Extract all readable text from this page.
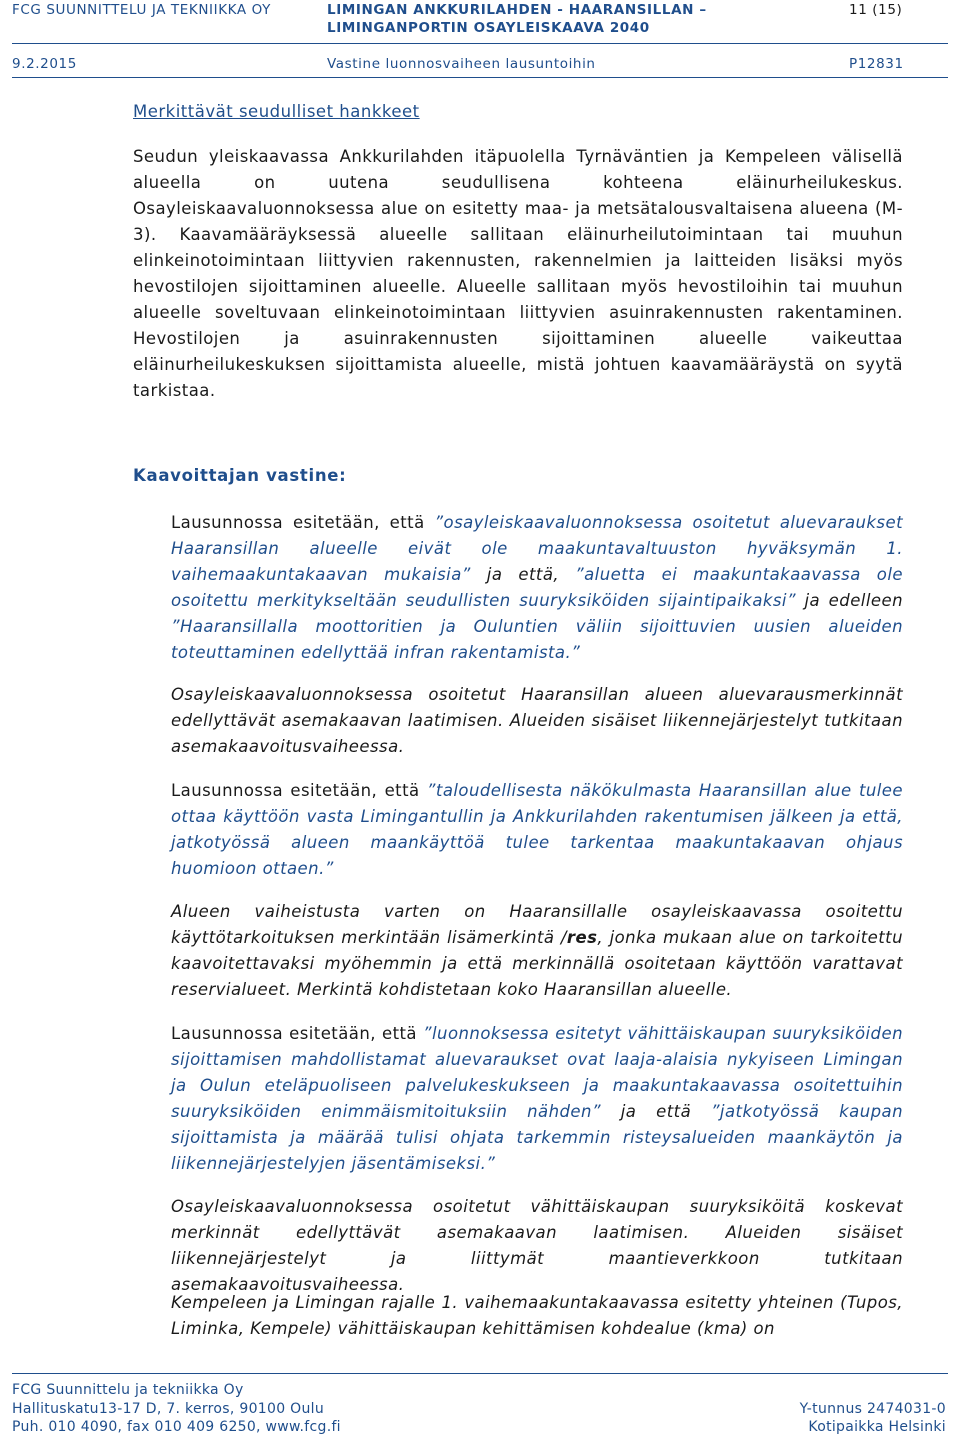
FCG SUUNNITTELU JA TEKNIIKKA OY	LIMINGAN ANKKURILAHDEN - HAARANSILLAN –
LIMINGANPORTIN OSAYLEISKAAVA 2040
11 (15)
9.2.2015	Vastine luonnosvaiheen lausuntoihin	P12831
Merkittävät seudulliset hankkeet

Seudun yleiskaavassa Ankkurilahden itäpuolella Tyrnäväntien ja Kempeleen välisellä alueella on uutena seudullisena kohteena eläinurheilukeskus. Osayleiskaavaluonnoksessa alue on esitetty maa- ja metsätalousvaltaisena alueena (M-3). Kaavamääräyksessä alueelle sallitaan eläinurheilutoimintaan tai muuhun elinkeinotoimintaan liittyvien rakennusten, rakennelmien ja laitteiden lisäksi myös hevostilojen sijoittaminen alueelle. Alueelle sallitaan myös hevostiloihin tai muuhun alueelle soveltuvaan elinkeinotoimintaan liittyvien asuinrakennusten rakentaminen. Hevostilojen ja asuinrakennusten sijoittaminen alueelle vaikeuttaa eläinurheilukeskuksen sijoittamista alueelle, mistä johtuen kaavamääräystä on syytä tarkistaa.

Kaavoittajan vastine:

Lausunnossa esitetään, että ”osayleiskaavaluonnoksessa osoitetut aluevaraukset Haaransillan alueelle eivät ole maakuntavaltuuston hyväksymän 1. vaihemaakuntakaavan mukaisia” ja että, ”aluetta ei maakuntakaavassa ole osoitettu merkitykseltään seudullisten suuryksiköiden sijaintipaikaksi” ja edelleen ”Haaransillalla moottoritien ja Ouluntien väliin sijoittuvien uusien alueiden toteuttaminen edellyttää infran rakentamista.”

Osayleiskaavaluonnoksessa osoitetut Haaransillan alueen aluevarausmerkinnät edellyttävät asemakaavan laatimisen. Alueiden sisäiset liikennejärjestelyt tutkitaan asemakaavoitusvaiheessa.

Lausunnossa esitetään, että ”taloudellisesta näkökulmasta Haaransillan alue tulee ottaa käyttöön vasta Limingantullin ja Ankkurilahden rakentumisen jälkeen ja että, jatkotyössä alueen maankäyttöä tulee tarkentaa maakuntakaavan ohjaus huomioon ottaen.”

Alueen vaiheistusta varten on Haaransillalle osayleiskaavassa osoitettu käyttötarkoituksen merkintään lisämerkintä /res, jonka mukaan alue on tarkoitettu kaavoitettavaksi myöhemmin ja että merkinnällä osoitetaan käyttöön varattavat reservialueet. Merkintä kohdistetaan koko Haaransillan alueelle.

Lausunnossa esitetään, että ”luonnoksessa esitetyt vähittäiskaupan suuryksiköiden sijoittamisen mahdollistamat aluevaraukset ovat laaja-alaisia nykyiseen Limingan ja Oulun eteläpuoliseen palvelukeskukseen ja maakuntakaavassa osoitettuihin suuryksiköiden enimmäismitoituksiin nähden” ja että ”jatkotyössä kaupan sijoittamista ja määrää tulisi ohjata tarkemmin risteysalueiden maankäytön ja liikennejärjestelyjen jäsentämiseksi.”

Osayleiskaavaluonnoksessa osoitetut vähittäiskaupan suuryksiköitä koskevat merkinnät edellyttävät asemakaavan laatimisen. Alueiden sisäiset liikennejärjestelyt ja liittymät maantieverkkoon tutkitaan asemakaavoitusvaiheessa.

Kempeleen ja Limingan rajalle 1. vaihemaakuntakaavassa esitetty yhteinen (Tupos, Liminka, Kempele) vähittäiskaupan kehittämisen kohdealue (kma) on

FCG Suunnittelu ja tekniikka Oy
Hallituskatu13-17 D, 7. kerros, 90100 Oulu
Puh. 010 4090, fax 010 409 6250, www.fcg.fi
Y-tunnus 2474031-0
Kotipaikka Helsinki
